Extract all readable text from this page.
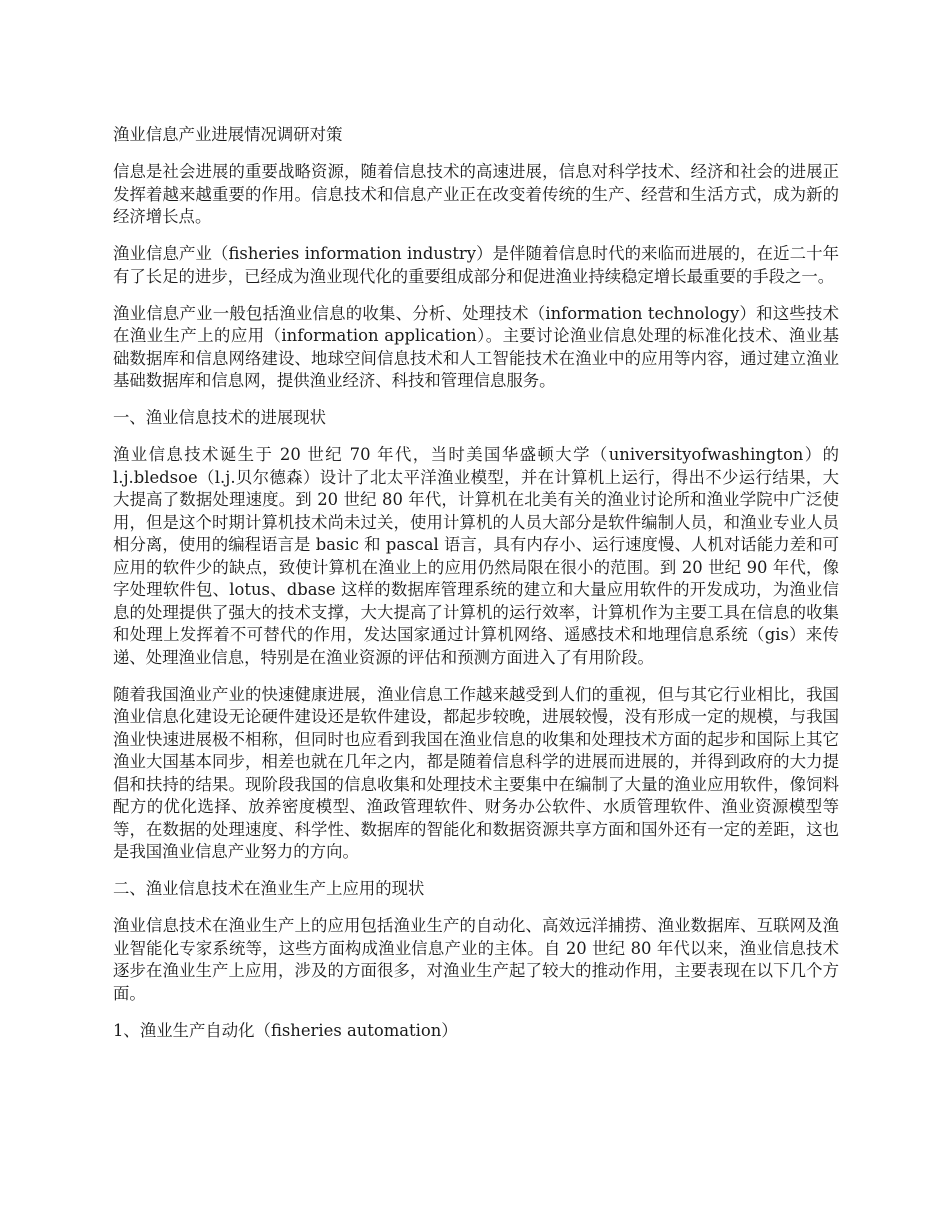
渔业信息产业进展情况调研对策

信息是社会进展的重要战略资源，随着信息技术的高速进展，信息对科学技术、经济和社会的进展正发挥着越来越重要的作用。信息技术和信息产业正在改变着传统的生产、经营和生活方式，成为新的经济增长点。

渔业信息产业（fisheries information industry）是伴随着信息时代的来临而进展的，在近二十年有了长足的进步，已经成为渔业现代化的重要组成部分和促进渔业持续稳定增长最重要的手段之一。

渔业信息产业一般包括渔业信息的收集、分析、处理技术（information technology）和这些技术在渔业生产上的应用（information application）。主要讨论渔业信息处理的标准化技术、渔业基础数据库和信息网络建设、地球空间信息技术和人工智能技术在渔业中的应用等内容，通过建立渔业基础数据库和信息网，提供渔业经济、科技和管理信息服务。

一、渔业信息技术的进展现状

渔业信息技术诞生于 20 世纪 70 年代，当时美国华盛顿大学（universityofwashington）的 l.j.bledsoe（l.j.贝尔德森）设计了北太平洋渔业模型，并在计算机上运行，得出不少运行结果，大大提高了数据处理速度。到 20 世纪 80 年代，计算机在北美有关的渔业讨论所和渔业学院中广泛使用，但是这个时期计算机技术尚未过关，使用计算机的人员大部分是软件编制人员，和渔业专业人员相分离，使用的编程语言是 basic 和 pascal 语言，具有内存小、运行速度慢、人机对话能力差和可应用的软件少的缺点，致使计算机在渔业上的应用仍然局限在很小的范围。到 20 世纪 90 年代，像字处理软件包、lotus、dbase 这样的数据库管理系统的建立和大量应用软件的开发成功，为渔业信息的处理提供了强大的技术支撑，大大提高了计算机的运行效率，计算机作为主要工具在信息的收集和处理上发挥着不可替代的作用，发达国家通过计算机网络、遥感技术和地理信息系统（gis）来传递、处理渔业信息，特别是在渔业资源的评估和预测方面进入了有用阶段。

随着我国渔业产业的快速健康进展，渔业信息工作越来越受到人们的重视，但与其它行业相比，我国渔业信息化建设无论硬件建设还是软件建设，都起步较晚，进展较慢，没有形成一定的规模，与我国渔业快速进展极不相称，但同时也应看到我国在渔业信息的收集和处理技术方面的起步和国际上其它渔业大国基本同步，相差也就在几年之内，都是随着信息科学的进展而进展的，并得到政府的大力提倡和扶持的结果。现阶段我国的信息收集和处理技术主要集中在编制了大量的渔业应用软件，像饲料配方的优化选择、放养密度模型、渔政管理软件、财务办公软件、水质管理软件、渔业资源模型等等，在数据的处理速度、科学性、数据库的智能化和数据资源共享方面和国外还有一定的差距，这也是我国渔业信息产业努力的方向。

二、渔业信息技术在渔业生产上应用的现状

渔业信息技术在渔业生产上的应用包括渔业生产的自动化、高效远洋捕捞、渔业数据库、互联网及渔业智能化专家系统等，这些方面构成渔业信息产业的主体。自 20 世纪 80 年代以来，渔业信息技术逐步在渔业生产上应用，涉及的方面很多，对渔业生产起了较大的推动作用，主要表现在以下几个方面。

1、渔业生产自动化（fisheries automation）
